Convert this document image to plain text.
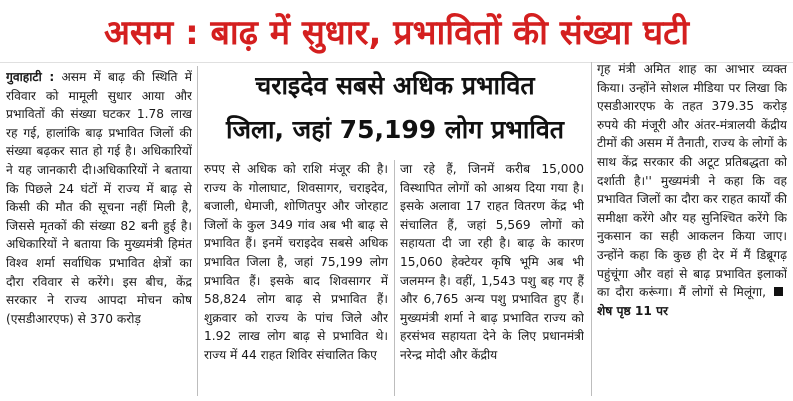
असम : बाढ़ में सुधार, प्रभावितों की संख्या घटी
चराइदेव सबसे अधिक प्रभावित
जिला, जहां 75,199 लोग प्रभावित

गुवाहाटी : असम में बाढ़ की स्थिति में रविवार को मामूली सुधार आया और प्रभावितों की संख्या घटकर 1.78 लाख रह गई, हालांकि बाढ़ प्रभावित जिलों की संख्या बढ़कर सात हो गई है। अधिकारियों ने यह जानकारी दी।अधिकारियों ने बताया कि पिछले 24 घंटों में राज्य में बाढ़ से किसी की मौत की सूचना नहीं मिली है, जिससे मृतकों की संख्या 82 बनी हुई है। अधिकारियों ने बताया कि मुख्यमंत्री हिमंत विश्व शर्मा सर्वाधिक प्रभावित क्षेत्रों का दौरा रविवार से करेंगे। इस बीच, केंद्र सरकार ने राज्य आपदा मोचन कोष (एसडीआरएफ) से 370 करोड़

रुपए से अधिक को राशि मंजूर की है। राज्य के गोलाघाट, शिवसागर, चराइदेव, बजाली, धेमाजी, शोणितपुर और जोरहाट जिलों के कुल 349 गांव अब भी बाढ़ से प्रभावित हैं। इनमें चराइदेव सबसे अधिक प्रभावित जिला है, जहां 75,199 लोग प्रभावित हैं। इसके बाद शिवसागर में 58,824 लोग बाढ़ से प्रभावित हैं। शुक्रवार को राज्य के पांच जिले और 1.92 लाख लोग बाढ़ से प्रभावित थे। राज्य में 44 राहत शिविर संचालित किए

जा रहे हैं, जिनमें करीब 15,000 विस्थापित लोगों को आश्रय दिया गया है। इसके अलावा 17 राहत वितरण केंद्र भी संचालित हैं, जहां 5,569 लोगों को सहायता दी जा रही है। बाढ़ के कारण 15,060 हेक्टेयर कृषि भूमि अब भी जलमग्न है। वहीं, 1,543 पशु बह गए हैं और 6,765 अन्य पशु प्रभावित हुए हैं। मुख्यमंत्री शर्मा ने बाढ़ प्रभावित राज्य को हरसंभव सहायता देने के लिए प्रधानमंत्री नरेन्द्र मोदी और केंद्रीय

गृह मंत्री अमित शाह का आभार व्यक्त किया। उन्होंने सोशल मीडिया पर लिखा कि एसडीआरएफ के तहत 379.35 करोड़ रुपये की मंजूरी और अंतर-मंत्रालयी केंद्रीय टीमों की असम में तैनाती, राज्य के लोगों के साथ केंद्र सरकार की अटूट प्रतिबद्धता को दर्शाती है।'' मुख्यमंत्री ने कहा कि वह प्रभावित जिलों का दौरा कर राहत कार्यों की समीक्षा करेंगे और यह सुनिश्चित करेंगे कि नुकसान का सही आकलन किया जाए। उन्होंने कहा कि कुछ ही देर में मैं डिब्रूगढ़ पहुंचूंगा और वहां से बाढ़ प्रभावित इलाकों का दौरा करूंगा। मैं लोगों से मिलूंगा,शेष पृष्ठ 11 पर
